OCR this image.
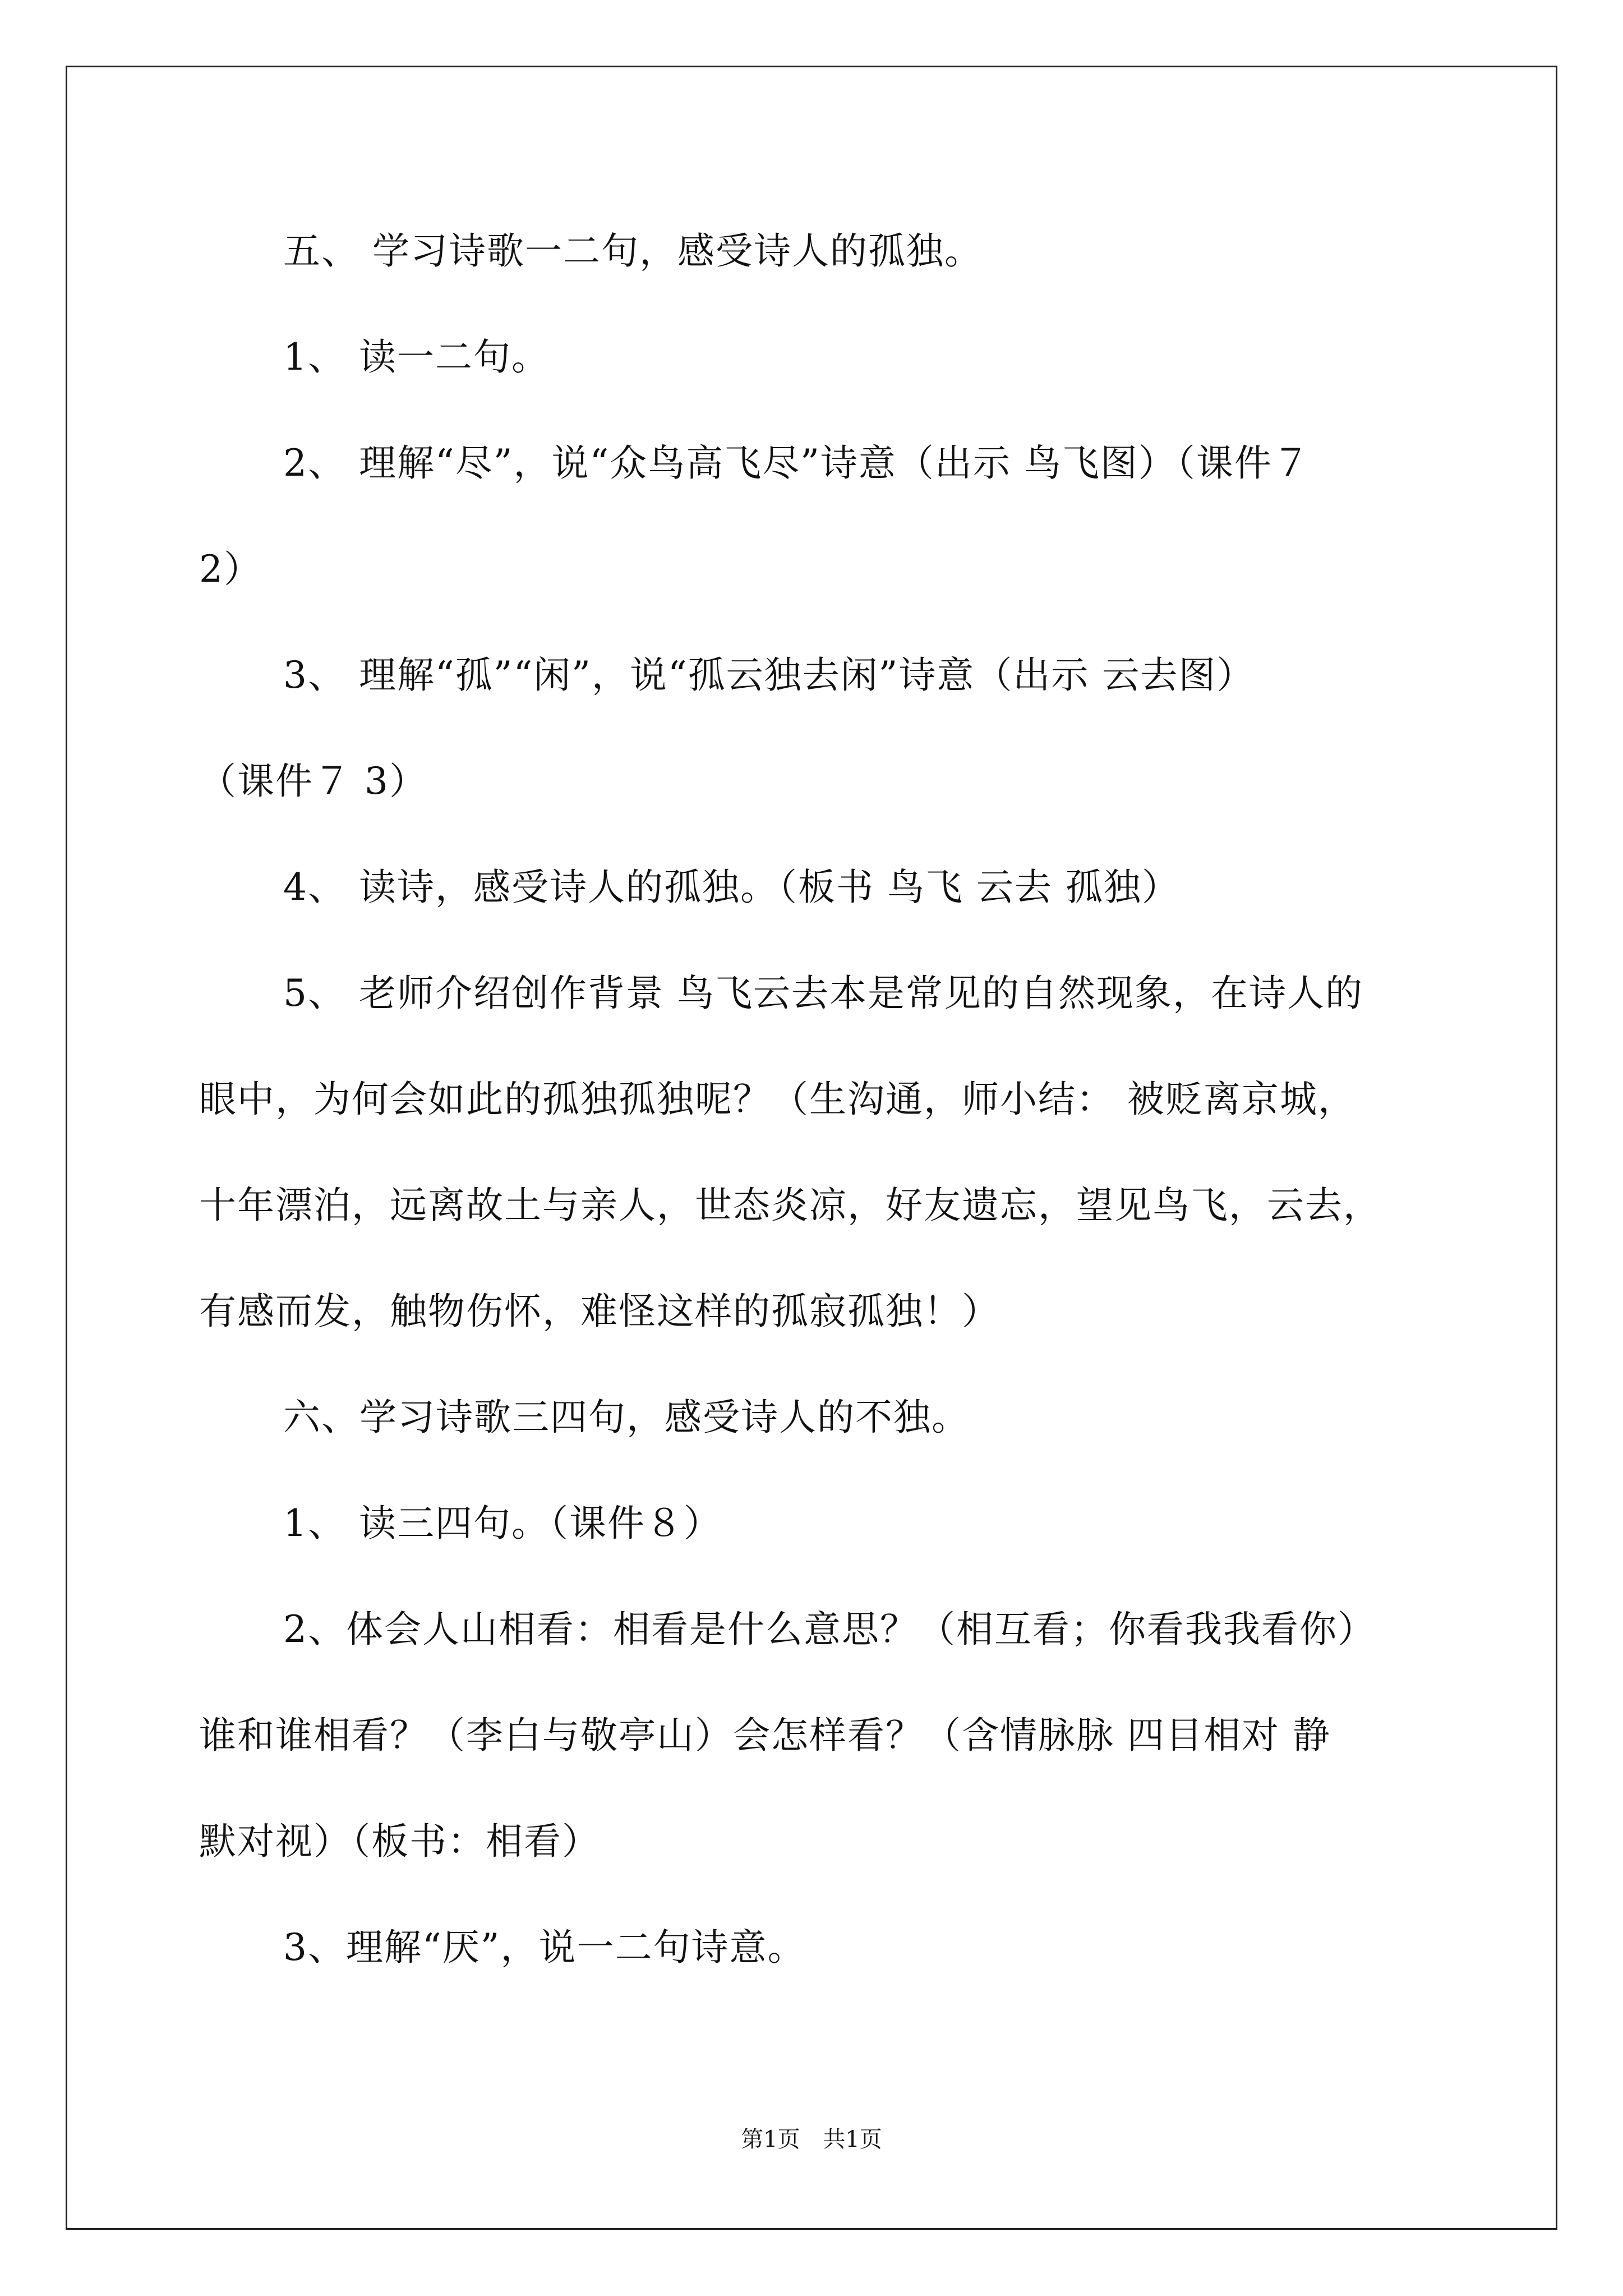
五、 学习诗歌一二句，感受诗人的孤独。
1、 读一二句。
2、 理解“尽”，说“众鸟高飞尽”诗意（出示 鸟飞图）（课件７
2）
3、 理解“孤”“闲”，说“孤云独去闲”诗意（出示 云去图）
（课件７ 3）
4、 读诗，感受诗人的孤独。（板书 鸟飞 云去 孤独）
5、 老师介绍创作背景 鸟飞云去本是常见的自然现象，在诗人的
眼中，为何会如此的孤独孤独呢？（生沟通，师小结： 被贬离京城，
十年漂泊，远离故土与亲人，世态炎凉，好友遗忘，望见鸟飞，云去，
有感而发，触物伤怀，难怪这样的孤寂孤独！）
六、学习诗歌三四句，感受诗人的不独。
1、 读三四句。（课件８）
2、体会人山相看：相看是什么意思？（相互看；你看我我看你）
谁和谁相看？（李白与敬亭山）会怎样看？（含情脉脉 四目相对 静
默对视）（板书：相看）
3、理解“厌”，说一二句诗意。
第1页 共1页
